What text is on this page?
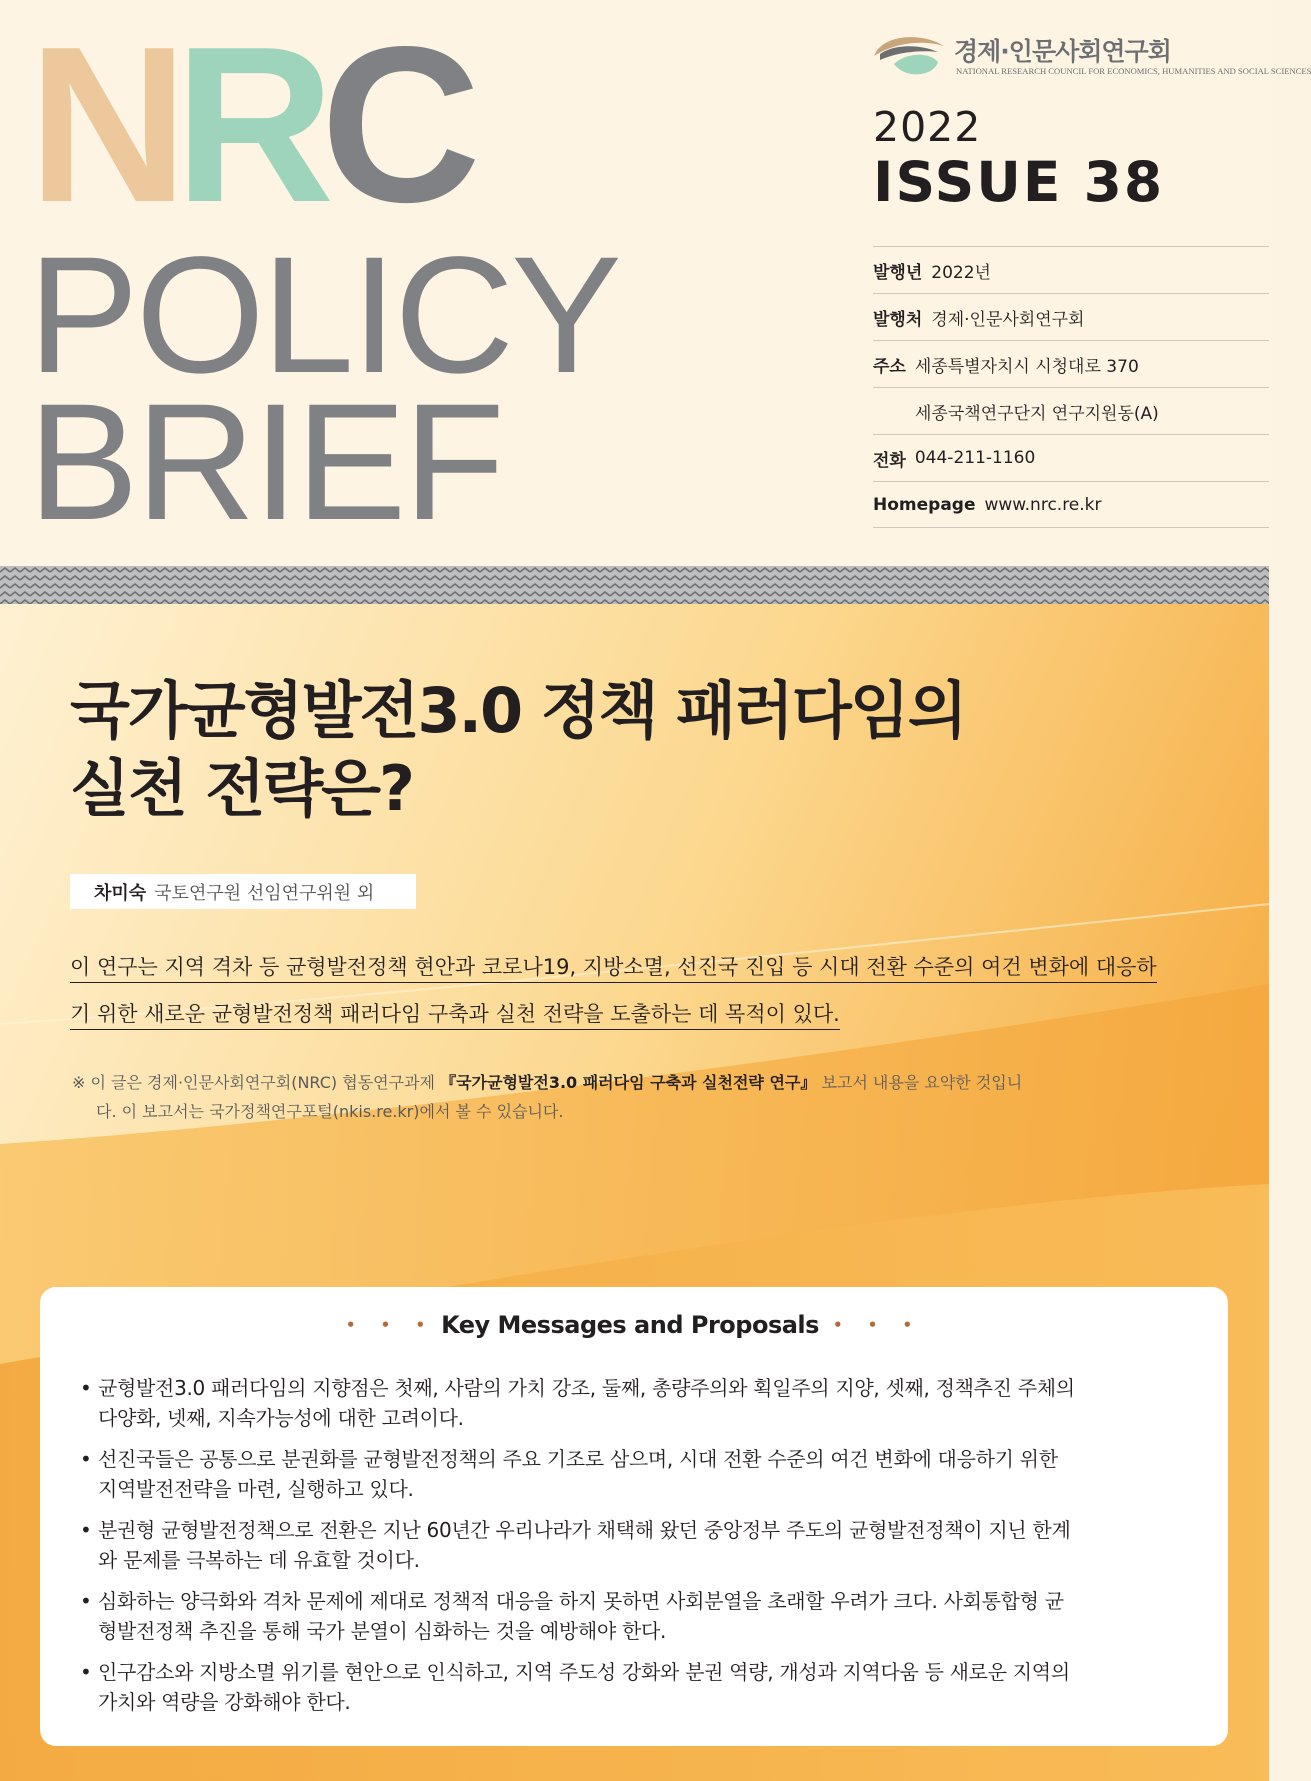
NRC
POLICY
BRIEF
경제·인문사회연구회
NATIONAL RESEARCH COUNCIL FOR ECONOMICS, HUMANITIES AND SOCIAL SCIENCES
2022
ISSUE 38
발행년 2022년
발행처 경제·인문사회연구회
주소 세종특별자치시 시청대로 370
세종국책연구단지 연구지원동(A)
전화 044-211-1160
Homepage www.nrc.re.kr
국가균형발전3.0 정책 패러다임의
실천 전략은?
차미숙 국토연구원 선임연구위원 외
이 연구는 지역 격차 등 균형발전정책 현안과 코로나19, 지방소멸, 선진국 진입 등 시대 전환 수준의 여건 변화에 대응하
기 위한 새로운 균형발전정책 패러다임 구축과 실천 전략을 도출하는 데 목적이 있다.
※ 이 글은 경제·인문사회연구회(NRC) 협동연구과제 『국가균형발전3.0 패러다임 구축과 실천전략 연구』 보고서 내용을 요약한 것입니
다. 이 보고서는 국가정책연구포털(nkis.re.kr)에서 볼 수 있습니다.
• • • Key Messages and Proposals • • •
• 균형발전3.0 패러다임의 지향점은 첫째, 사람의 가치 강조, 둘째, 총량주의와 획일주의 지양, 셋째, 정책추진 주체의
다양화, 넷째, 지속가능성에 대한 고려이다.
• 선진국들은 공통으로 분권화를 균형발전정책의 주요 기조로 삼으며, 시대 전환 수준의 여건 변화에 대응하기 위한
지역발전전략을 마련, 실행하고 있다.
• 분권형 균형발전정책으로 전환은 지난 60년간 우리나라가 채택해 왔던 중앙정부 주도의 균형발전정책이 지닌 한계
와 문제를 극복하는 데 유효할 것이다.
• 심화하는 양극화와 격차 문제에 제대로 정책적 대응을 하지 못하면 사회분열을 초래할 우려가 크다. 사회통합형 균
형발전정책 추진을 통해 국가 분열이 심화하는 것을 예방해야 한다.
• 인구감소와 지방소멸 위기를 현안으로 인식하고, 지역 주도성 강화와 분권 역량, 개성과 지역다움 등 새로운 지역의
가치와 역량을 강화해야 한다.
